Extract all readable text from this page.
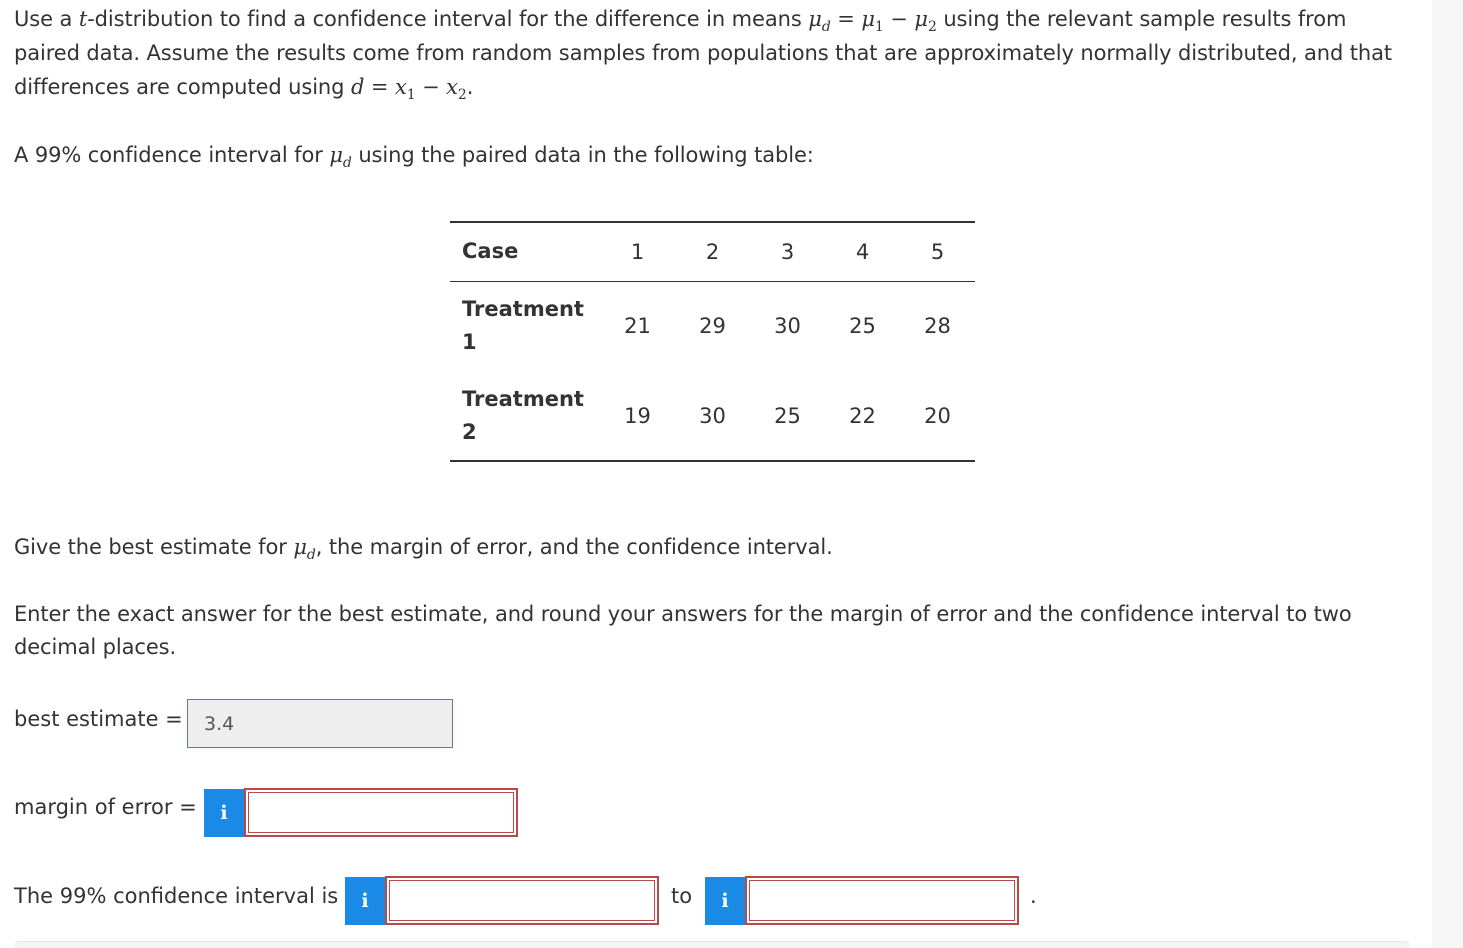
Use a t-distribution to find a confidence interval for the difference in means $\mu_d = \mu_1 - \mu_2$ using the relevant sample results from paired data. Assume the results come from random samples from populations that are approximately normally distributed, and that differences are computed using $d = x_1 - x_2$.
A 99% confidence interval for $\mu_d$ using the paired data in the following table:
Case	1	2	3	4	5
Treatment
1	21	29	30	25	28
Treatment
2	19	30	25	22	20
Give the best estimate for $\mu_d$, the margin of error, and the confidence interval.
Enter the exact answer for the best estimate, and round your answers for the margin of error and the confidence interval to two decimal places.
best estimate =	3.4
margin of error =	i
The 99% confidence interval is	i	to	i	.
